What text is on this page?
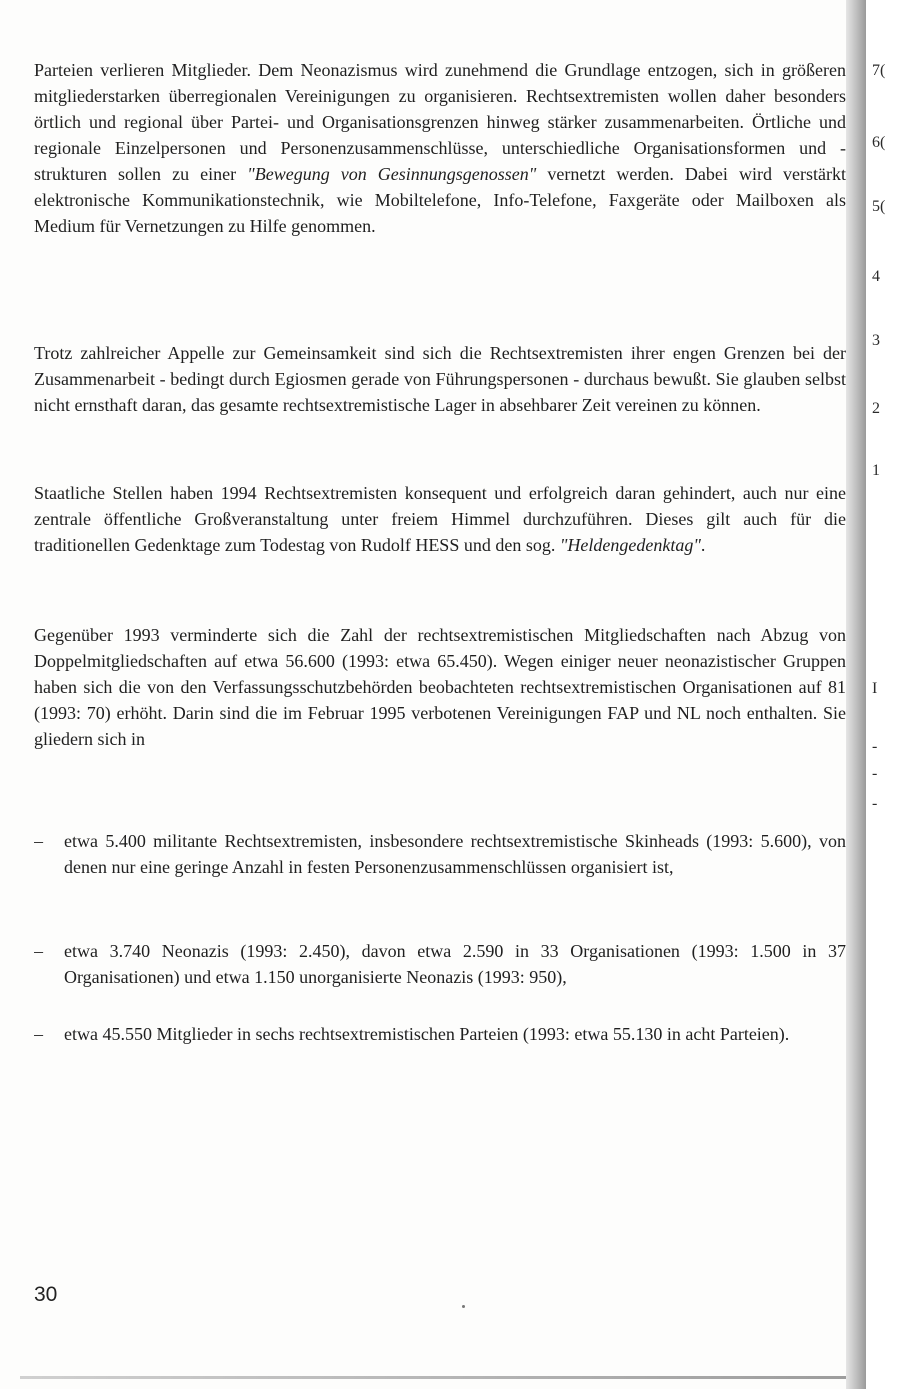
Parteien verlieren Mitglieder. Dem Neonazismus wird zunehmend die Grundlage entzogen, sich in größeren mitgliederstarken überregionalen Vereinigungen zu organisieren. Rechtsextremisten wollen daher besonders örtlich und regional über Partei- und Organisationsgrenzen hinweg stärker zusammenarbeiten. Örtliche und regionale Einzelpersonen und Personenzusammenschlüsse, unterschiedliche Organisationsformen und -strukturen sollen zu einer "Bewegung von Gesinnungsgenossen" vernetzt werden. Dabei wird verstärkt elektronische Kommunikationstechnik, wie Mobiltelefone, Info-Telefone, Faxgeräte oder Mailboxen als Medium für Vernetzungen zu Hilfe genommen.
Trotz zahlreicher Appelle zur Gemeinsamkeit sind sich die Rechtsextremisten ihrer engen Grenzen bei der Zusammenarbeit - bedingt durch Egiosmen gerade von Führungspersonen - durchaus bewußt. Sie glauben selbst nicht ernsthaft daran, das gesamte rechtsextremistische Lager in absehbarer Zeit vereinen zu können.
Staatliche Stellen haben 1994 Rechtsextremisten konsequent und erfolgreich daran gehindert, auch nur eine zentrale öffentliche Großveranstaltung unter freiem Himmel durchzuführen. Dieses gilt auch für die traditionellen Gedenktage zum Todestag von Rudolf HESS und den sog. "Heldengedenktag".
Gegenüber 1993 verminderte sich die Zahl der rechtsextremistischen Mitgliedschaften nach Abzug von Doppelmitgliedschaften auf etwa 56.600 (1993: etwa 65.450). Wegen einiger neuer neonazistischer Gruppen haben sich die von den Verfassungsschutzbehörden beobachteten rechtsextremistischen Organisationen auf 81 (1993: 70) erhöht. Darin sind die im Februar 1995 verbotenen Vereinigungen FAP und NL noch enthalten. Sie gliedern sich in
– etwa 5.400 militante Rechtsextremisten, insbesondere rechtsextremistische Skinheads (1993: 5.600), von denen nur eine geringe Anzahl in festen Personenzusammenschlüssen organisiert ist,
– etwa 3.740 Neonazis (1993: 2.450), davon etwa 2.590 in 33 Organisationen (1993: 1.500 in 37 Organisationen) und etwa 1.150 unorganisierte Neonazis (1993: 950),
– etwa 45.550 Mitglieder in sechs rechtsextremistischen Parteien (1993: etwa 55.130 in acht Parteien).
30
7(
6(
5(
4
3
2
1
I
-
-
-
